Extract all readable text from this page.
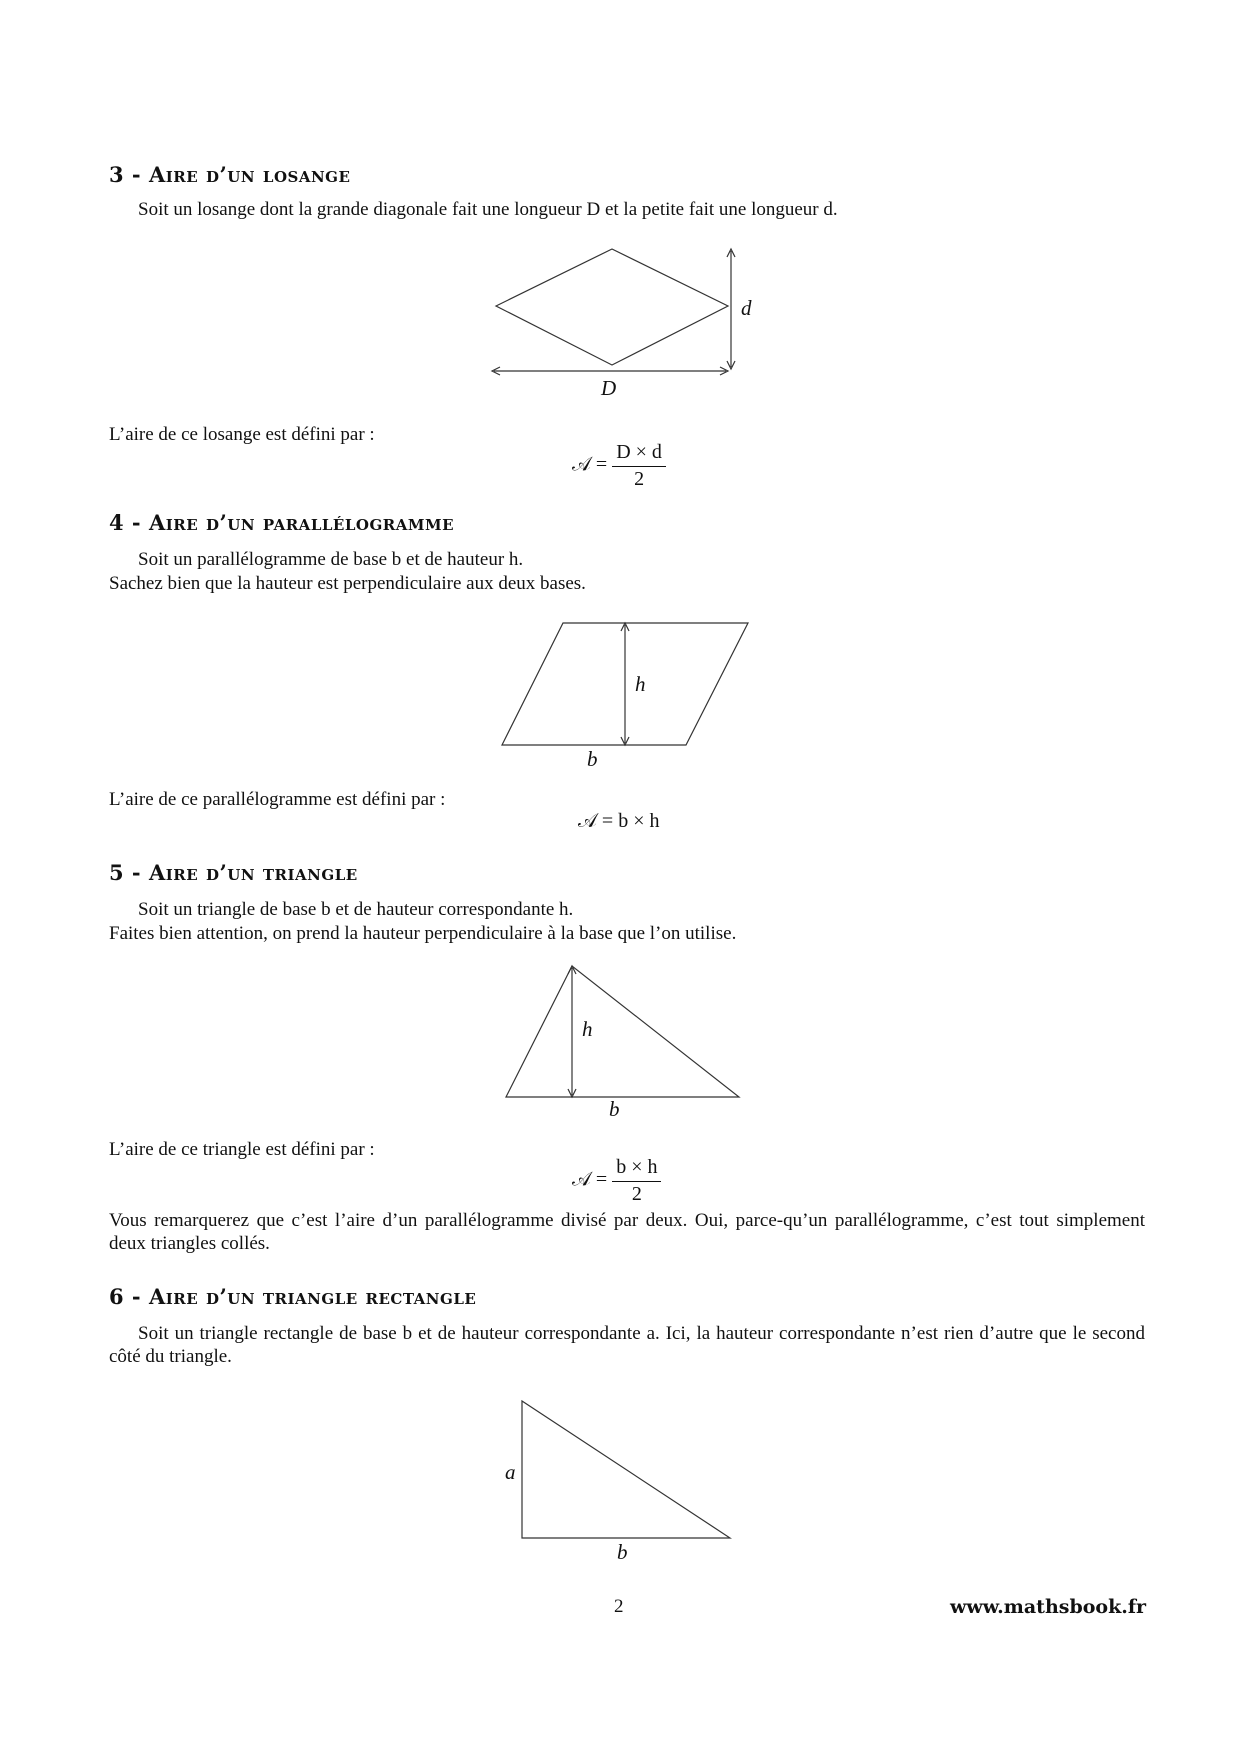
3 - Aire d’un losange
Soit un losange dont la grande diagonale fait une longueur D et la petite fait une longueur d.
d
D
L’aire de ce losange est défini par :
𝒜 = $\frac{D \times d}{2}$
4 - Aire d’un parallélogramme
Soit un parallélogramme de base b et de hauteur h.
Sachez bien que la hauteur est perpendiculaire aux deux bases.
h
b
L’aire de ce parallélogramme est défini par :
𝒜 = b × h
5 - Aire d’un triangle
Soit un triangle de base b et de hauteur correspondante h.
Faites bien attention, on prend la hauteur perpendiculaire à la base que l’on utilise.
h
b
L’aire de ce triangle est défini par :
𝒜 = $\frac{b \times h}{2}$
Vous remarquerez que c’est l’aire d’un parallélogramme divisé par deux. Oui, parce-qu’un parallélogramme, c’est tout simplement deux triangles collés.
6 - Aire d’un triangle rectangle
Soit un triangle rectangle de base b et de hauteur correspondante a. Ici, la hauteur correspondante n’est rien d’autre que le second côté du triangle.
a
b
2	www.mathsbook.fr
